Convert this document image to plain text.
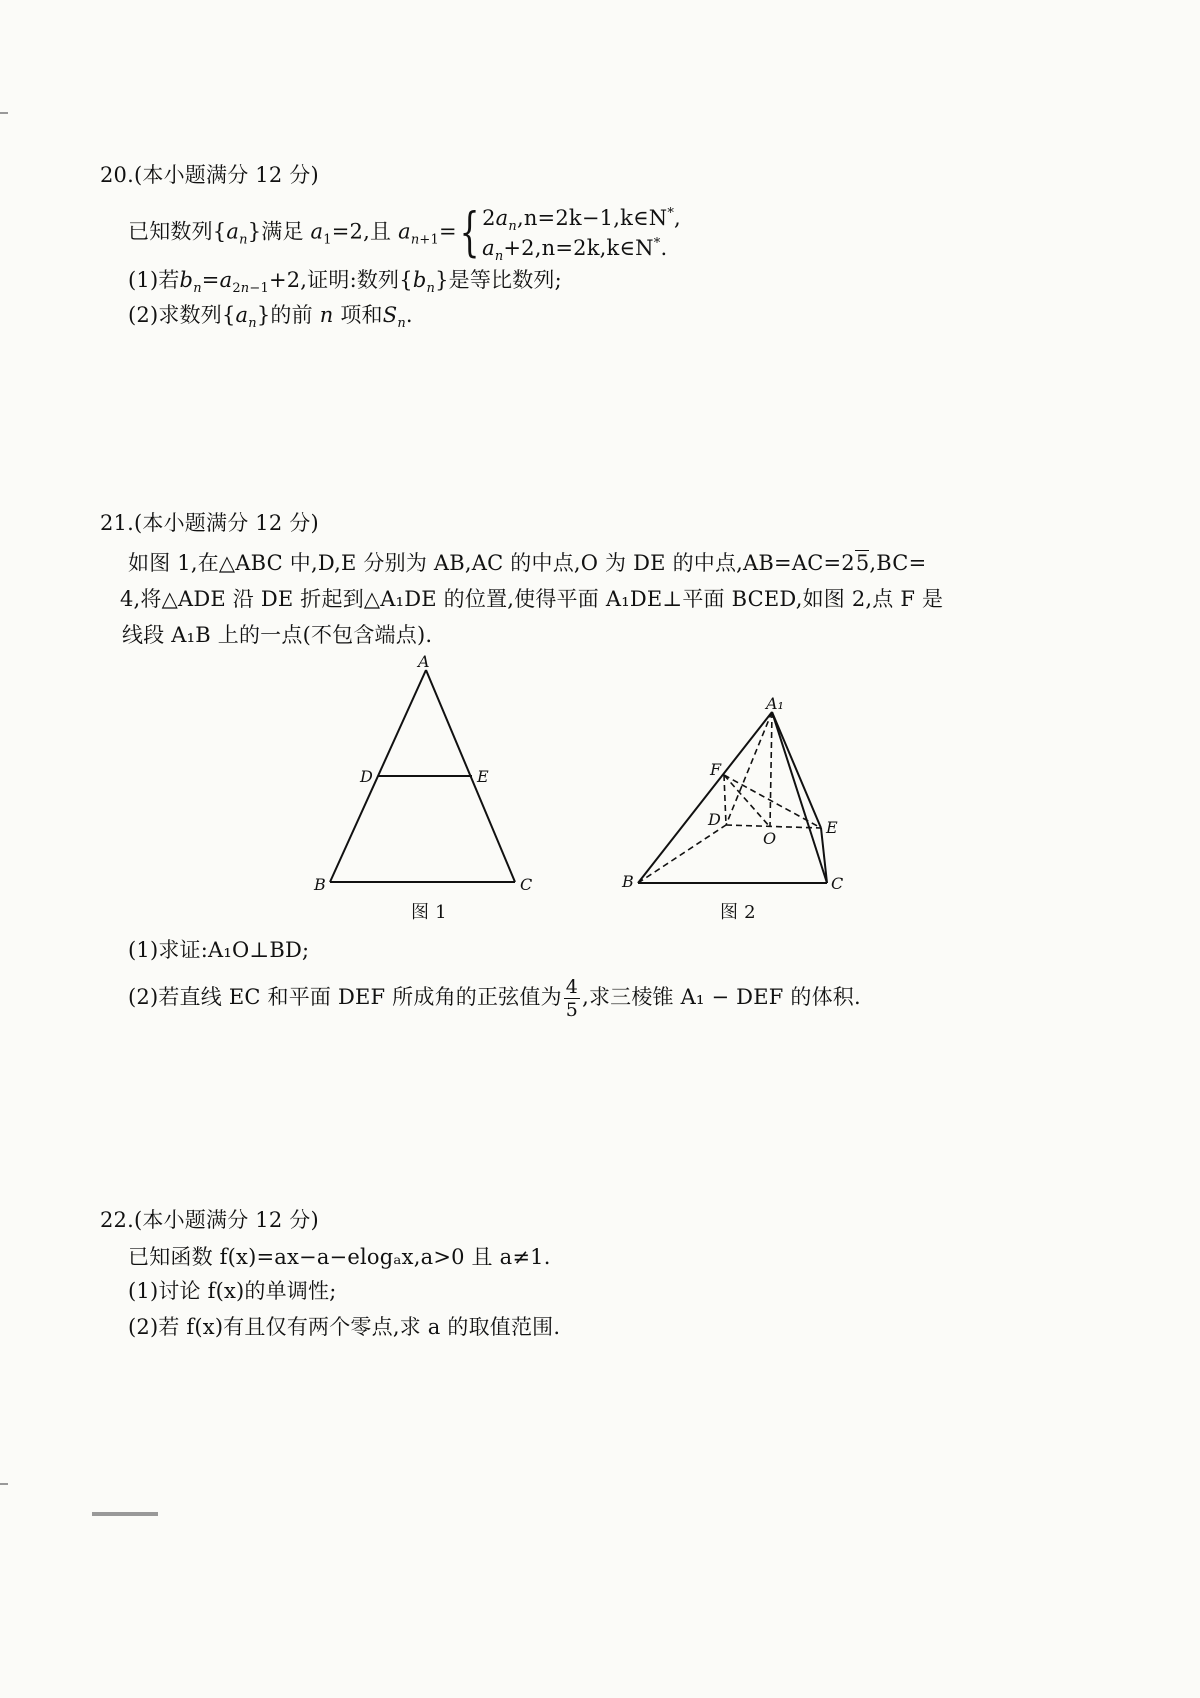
20.(本小题满分 12 分)
已知数列$\{a_n\}$满足 $a_1=2$,且 $a_{n+1}=${ $2a_n,n=2k-1,k\in N^*$,
$a_n+2,n=2k,k\in N^*$.
(1)若$b_n=a_{2n-1}+2$,证明:数列$\{b_n\}$是等比数列;
(2)求数列$\{a_n\}$的前 n 项和$S_n$.
21.(本小题满分 12 分)
如图 1,在△ABC 中,D,E 分别为 AB,AC 的中点,O 为 DE 的中点,AB=AC=25,BC=
4,将△ADE 沿 DE 折起到△A₁DE 的位置,使得平面 A₁DE⊥平面 BCED,如图 2,点 F 是
线段 A₁B 上的一点(不包含端点).
A
D	E
B	C
图 1
A₁
F
D
O
E
B	C
图 2
(1)求证:A₁O⊥BD;
(2)若直线 EC 和平面 DEF 所成角的正弦值为 $\frac{4}{5}$ ,求三棱锥 A₁ − DEF 的体积.
22.(本小题满分 12 分)
已知函数 f(x)=ax−a−elogₐx,a>0 且 a≠1.
(1)讨论 f(x)的单调性;
(2)若 f(x)有且仅有两个零点,求 a 的取值范围.
